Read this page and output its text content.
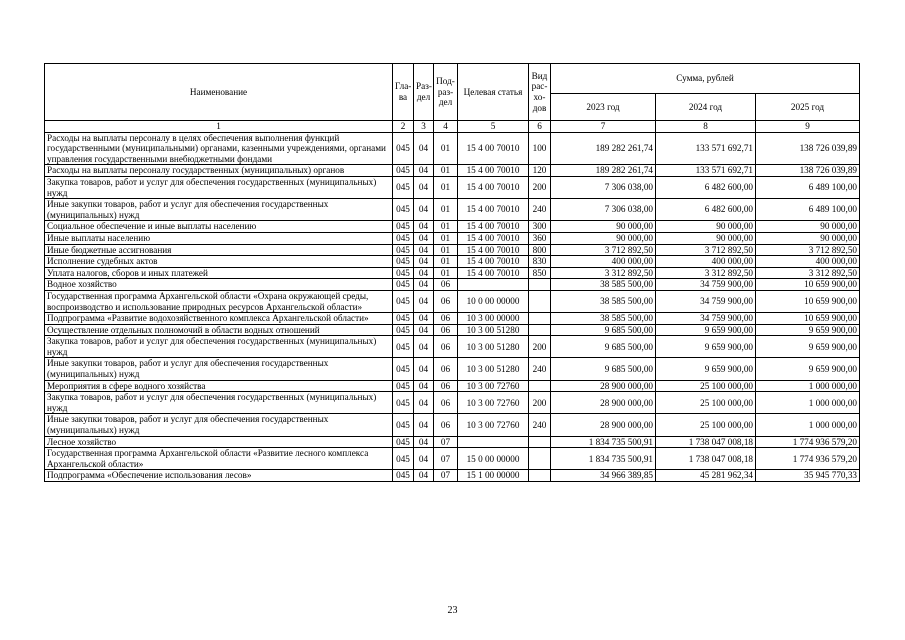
Наименование	Гла-ва	Раз-дел	Под-раз-дел	Целевая статья	Вид рас-хо-дов	Сумма, рублей		
						2023 год	2024 год	2025 год
1	2	3	4	5	6	7	8	9
Расходы на выплаты персоналу в целях обеспечения выполнения функций государственными (муниципальными) органами, казенными учреждениями, органами управления государственными внебюджетными фондами	045	04	01	15 4 00 70010	100	189 282 261,74	133 571 692,71	138 726 039,89
Расходы на выплаты персоналу государственных (муниципальных) органов	045	04	01	15 4 00 70010	120	189 282 261,74	133 571 692,71	138 726 039,89
Закупка товаров, работ и услуг для обеспечения государственных (муниципальных) нужд	045	04	01	15 4 00 70010	200	7 306 038,00	6 482 600,00	6 489 100,00
Иные закупки товаров, работ и услуг для обеспечения государственных (муниципальных) нужд	045	04	01	15 4 00 70010	240	7 306 038,00	6 482 600,00	6 489 100,00
Социальное обеспечение и иные выплаты населению	045	04	01	15 4 00 70010	300	90 000,00	90 000,00	90 000,00
Иные выплаты населению	045	04	01	15 4 00 70010	360	90 000,00	90 000,00	90 000,00
Иные бюджетные ассигнования	045	04	01	15 4 00 70010	800	3 712 892,50	3 712 892,50	3 712 892,50
Исполнение судебных актов	045	04	01	15 4 00 70010	830	400 000,00	400 000,00	400 000,00
Уплата налогов, сборов и иных платежей	045	04	01	15 4 00 70010	850	3 312 892,50	3 312 892,50	3 312 892,50
Водное хозяйство	045	04	06			38 585 500,00	34 759 900,00	10 659 900,00
Государственная программа Архангельской области «Охрана окружающей среды, воспроизводство и использование природных ресурсов Архангельской области»	045	04	06	10 0 00 00000		38 585 500,00	34 759 900,00	10 659 900,00
Подпрограмма «Развитие водохозяйственного комплекса Архангельской области»	045	04	06	10 3 00 00000		38 585 500,00	34 759 900,00	10 659 900,00
Осуществление отдельных полномочий в области водных отношений	045	04	06	10 3 00 51280		9 685 500,00	9 659 900,00	9 659 900,00
Закупка товаров, работ и услуг для обеспечения государственных (муниципальных) нужд	045	04	06	10 3 00 51280	200	9 685 500,00	9 659 900,00	9 659 900,00
Иные закупки товаров, работ и услуг для обеспечения государственных (муниципальных) нужд	045	04	06	10 3 00 51280	240	9 685 500,00	9 659 900,00	9 659 900,00
Мероприятия в сфере водного хозяйства	045	04	06	10 3 00 72760		28 900 000,00	25 100 000,00	1 000 000,00
Закупка товаров, работ и услуг для обеспечения государственных (муниципальных) нужд	045	04	06	10 3 00 72760	200	28 900 000,00	25 100 000,00	1 000 000,00
Иные закупки товаров, работ и услуг для обеспечения государственных (муниципальных) нужд	045	04	06	10 3 00 72760	240	28 900 000,00	25 100 000,00	1 000 000,00
Лесное хозяйство	045	04	07			1 834 735 500,91	1 738 047 008,18	1 774 936 579,20
Государственная программа Архангельской области «Развитие лесного комплекса Архангельской области»	045	04	07	15 0 00 00000		1 834 735 500,91	1 738 047 008,18	1 774 936 579,20
Подпрограмма «Обеспечение использования лесов»	045	04	07	15 1 00 00000		34 966 389,85	45 281 962,34	35 945 770,33
23
